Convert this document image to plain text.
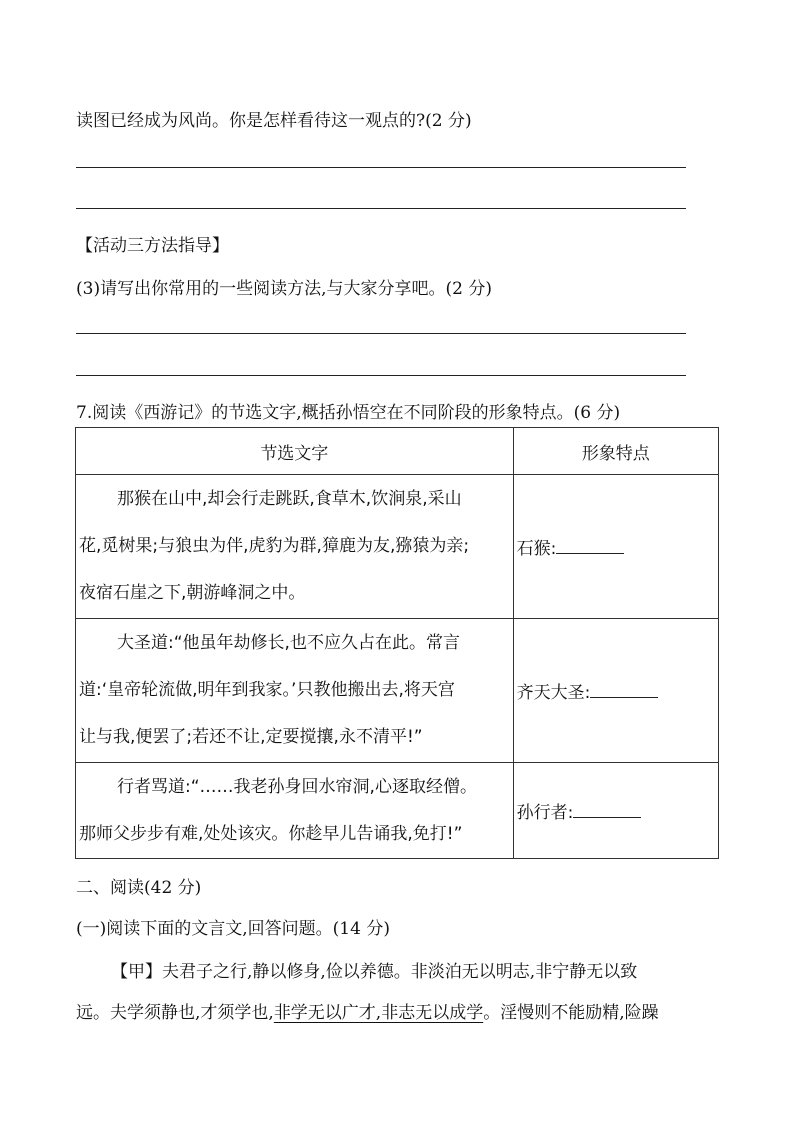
读图已经成为风尚。你是怎样看待这一观点的?(2 分)
【活动三方法指导】
(3)请写出你常用的一些阅读方法,与大家分享吧。(2 分)
7.阅读《西游记》的节选文字,概括孙悟空在不同阶段的形象特点。(6 分)
节选文字	形象特点

那猴在山中,却会行走跳跃,食草木,饮涧泉,采山
花,觅树果;与狼虫为伴,虎豹为群,獐鹿为友,猕猿为亲;
夜宿石崖之下,朝游峰洞之中。	石猴:

大圣道:“他虽年劫修长,也不应久占在此。常言
道:‘皇帝轮流做,明年到我家。’只教他搬出去,将天宫
让与我,便罢了;若还不让,定要搅攘,永不清平!”	齐天大圣:

行者骂道:“……我老孙身回水帘洞,心逐取经僧。
那师父步步有难,处处该灾。你趁早儿告诵我,免打!”	孙行者:
二、阅读(42 分)
(一)阅读下面的文言文,回答问题。(14 分)
【甲】夫君子之行,静以修身,俭以养德。非淡泊无以明志,非宁静无以致
远。夫学须静也,才须学也,非学无以广才,非志无以成学。淫慢则不能励精,险躁
